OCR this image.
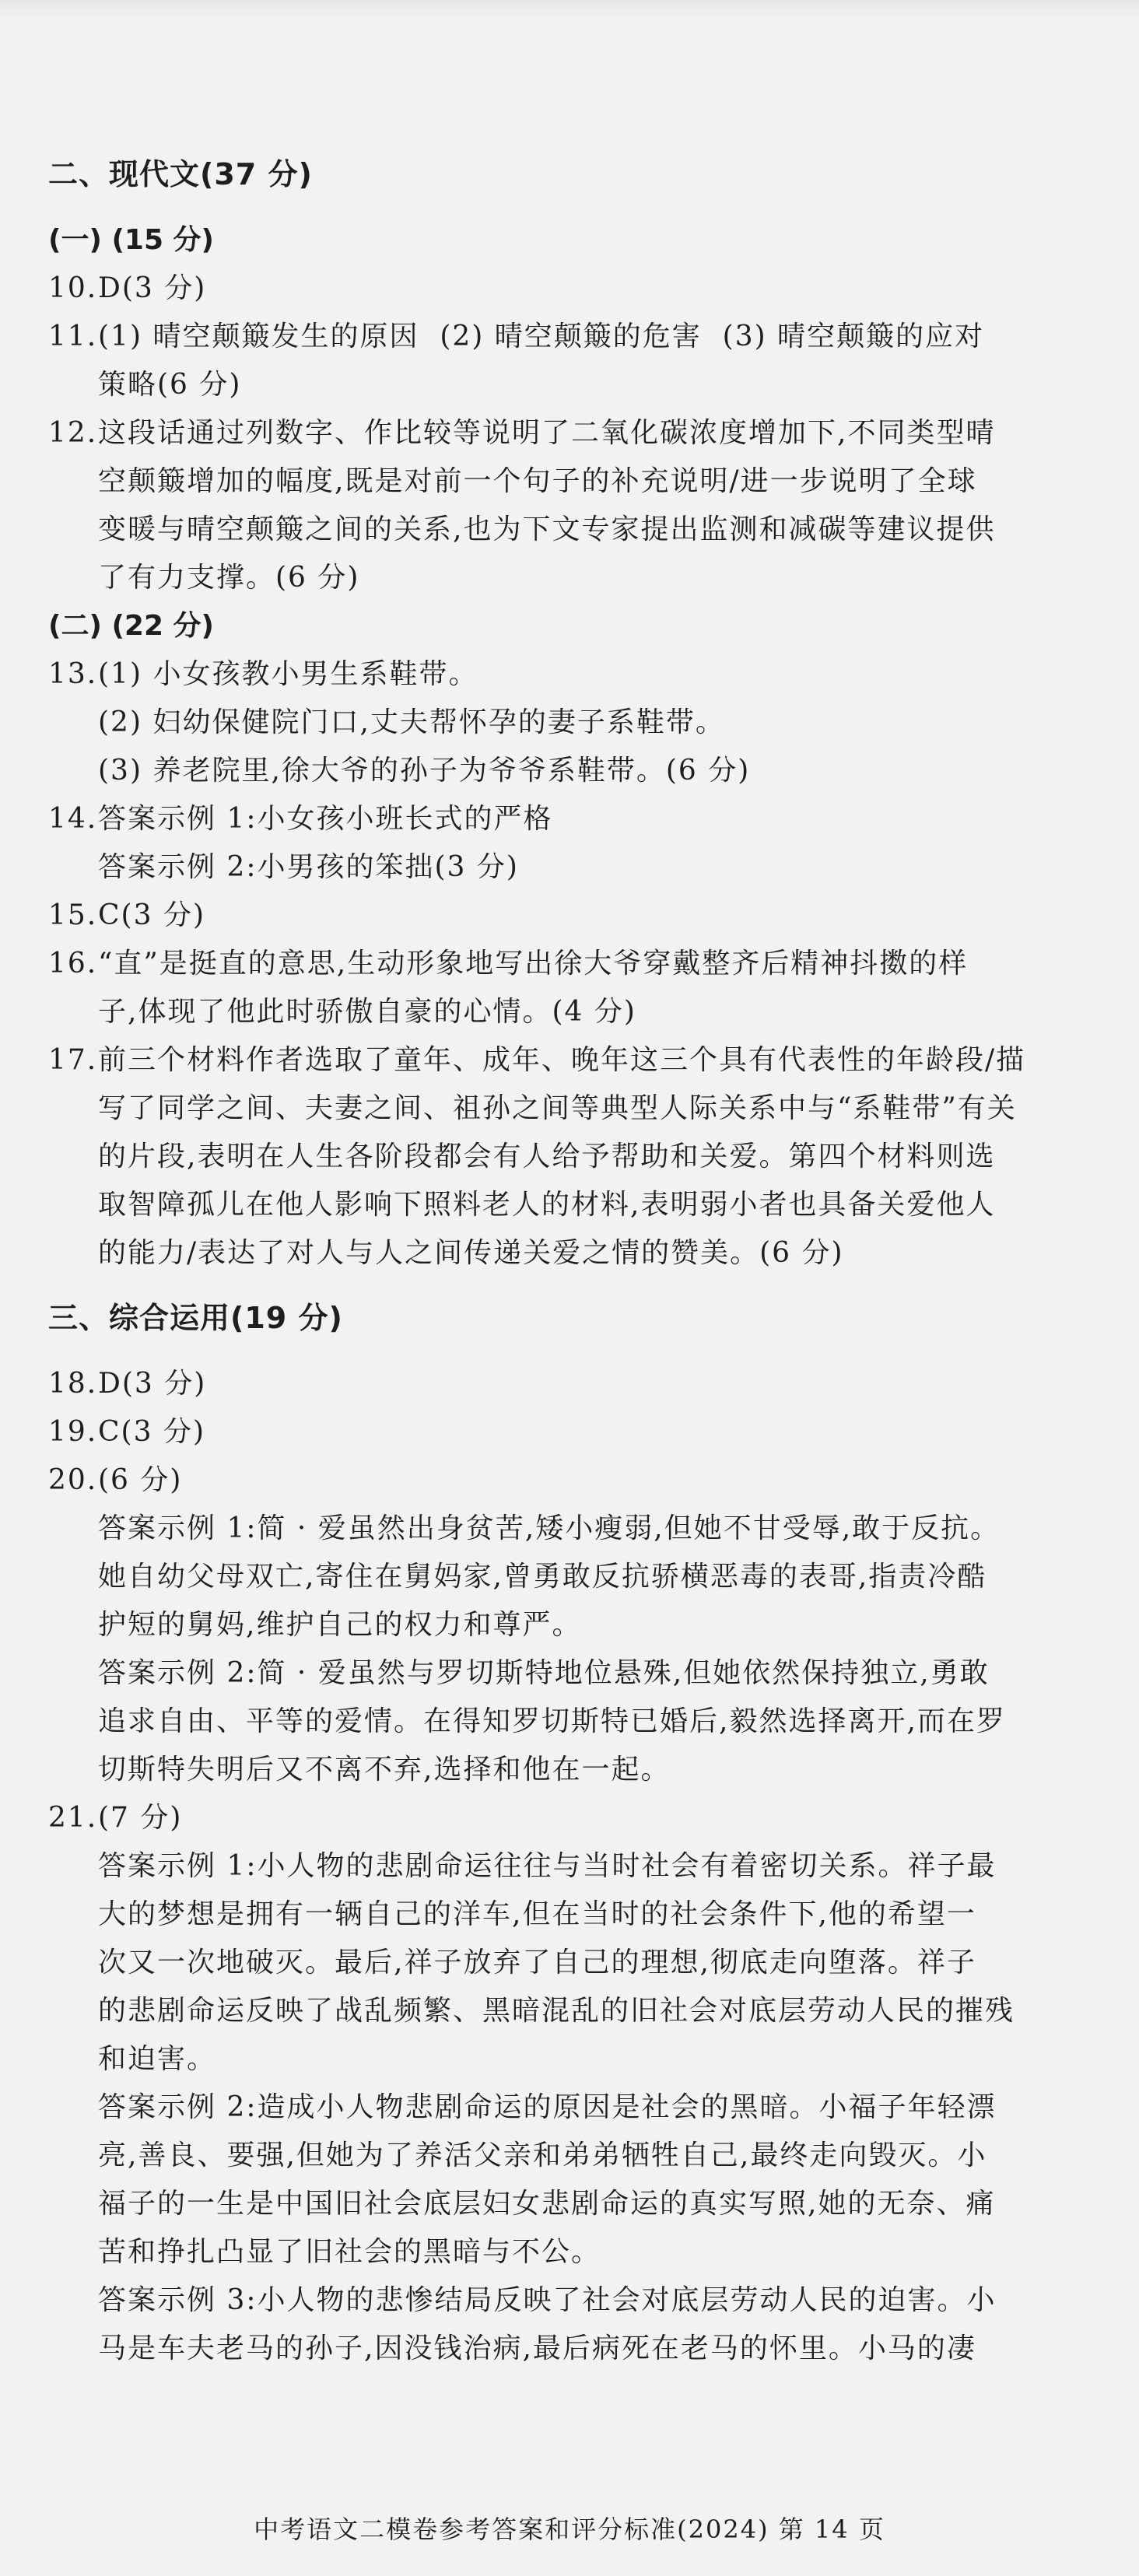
二、现代文(37 分)
(一) (15 分)
10. D(3 分)
11. (1) 晴空颠簸发生的原因  (2) 晴空颠簸的危害  (3) 晴空颠簸的应对
策略(6 分)
12. 这段话通过列数字、作比较等说明了二氧化碳浓度增加下,不同类型晴
空颠簸增加的幅度,既是对前一个句子的补充说明/进一步说明了全球
变暖与晴空颠簸之间的关系,也为下文专家提出监测和减碳等建议提供
了有力支撑。(6 分)
(二) (22 分)
13. (1) 小女孩教小男生系鞋带。
(2) 妇幼保健院门口,丈夫帮怀孕的妻子系鞋带。
(3) 养老院里,徐大爷的孙子为爷爷系鞋带。(6 分)
14. 答案示例 1:小女孩小班长式的严格
答案示例 2:小男孩的笨拙(3 分)
15. C(3 分)
16. “直”是挺直的意思,生动形象地写出徐大爷穿戴整齐后精神抖擞的样
子,体现了他此时骄傲自豪的心情。(4 分)
17. 前三个材料作者选取了童年、成年、晚年这三个具有代表性的年龄段/描
写了同学之间、夫妻之间、祖孙之间等典型人际关系中与“系鞋带”有关
的片段,表明在人生各阶段都会有人给予帮助和关爱。第四个材料则选
取智障孤儿在他人影响下照料老人的材料,表明弱小者也具备关爱他人
的能力/表达了对人与人之间传递关爱之情的赞美。(6 分)
三、综合运用(19 分)
18. D(3 分)
19. C(3 分)
20. (6 分)
答案示例 1:简 · 爱虽然出身贫苦,矮小瘦弱,但她不甘受辱,敢于反抗。
她自幼父母双亡,寄住在舅妈家,曾勇敢反抗骄横恶毒的表哥,指责冷酷
护短的舅妈,维护自己的权力和尊严。
答案示例 2:简 · 爱虽然与罗切斯特地位悬殊,但她依然保持独立,勇敢
追求自由、平等的爱情。在得知罗切斯特已婚后,毅然选择离开,而在罗
切斯特失明后又不离不弃,选择和他在一起。
21. (7 分)
答案示例 1:小人物的悲剧命运往往与当时社会有着密切关系。祥子最
大的梦想是拥有一辆自己的洋车,但在当时的社会条件下,他的希望一
次又一次地破灭。最后,祥子放弃了自己的理想,彻底走向堕落。祥子
的悲剧命运反映了战乱频繁、黑暗混乱的旧社会对底层劳动人民的摧残
和迫害。
答案示例 2:造成小人物悲剧命运的原因是社会的黑暗。小福子年轻漂
亮,善良、要强,但她为了养活父亲和弟弟牺牲自己,最终走向毁灭。小
福子的一生是中国旧社会底层妇女悲剧命运的真实写照,她的无奈、痛
苦和挣扎凸显了旧社会的黑暗与不公。
答案示例 3:小人物的悲惨结局反映了社会对底层劳动人民的迫害。小
马是车夫老马的孙子,因没钱治病,最后病死在老马的怀里。小马的凄
中考语文二模卷参考答案和评分标准(2024) 第 14 页
